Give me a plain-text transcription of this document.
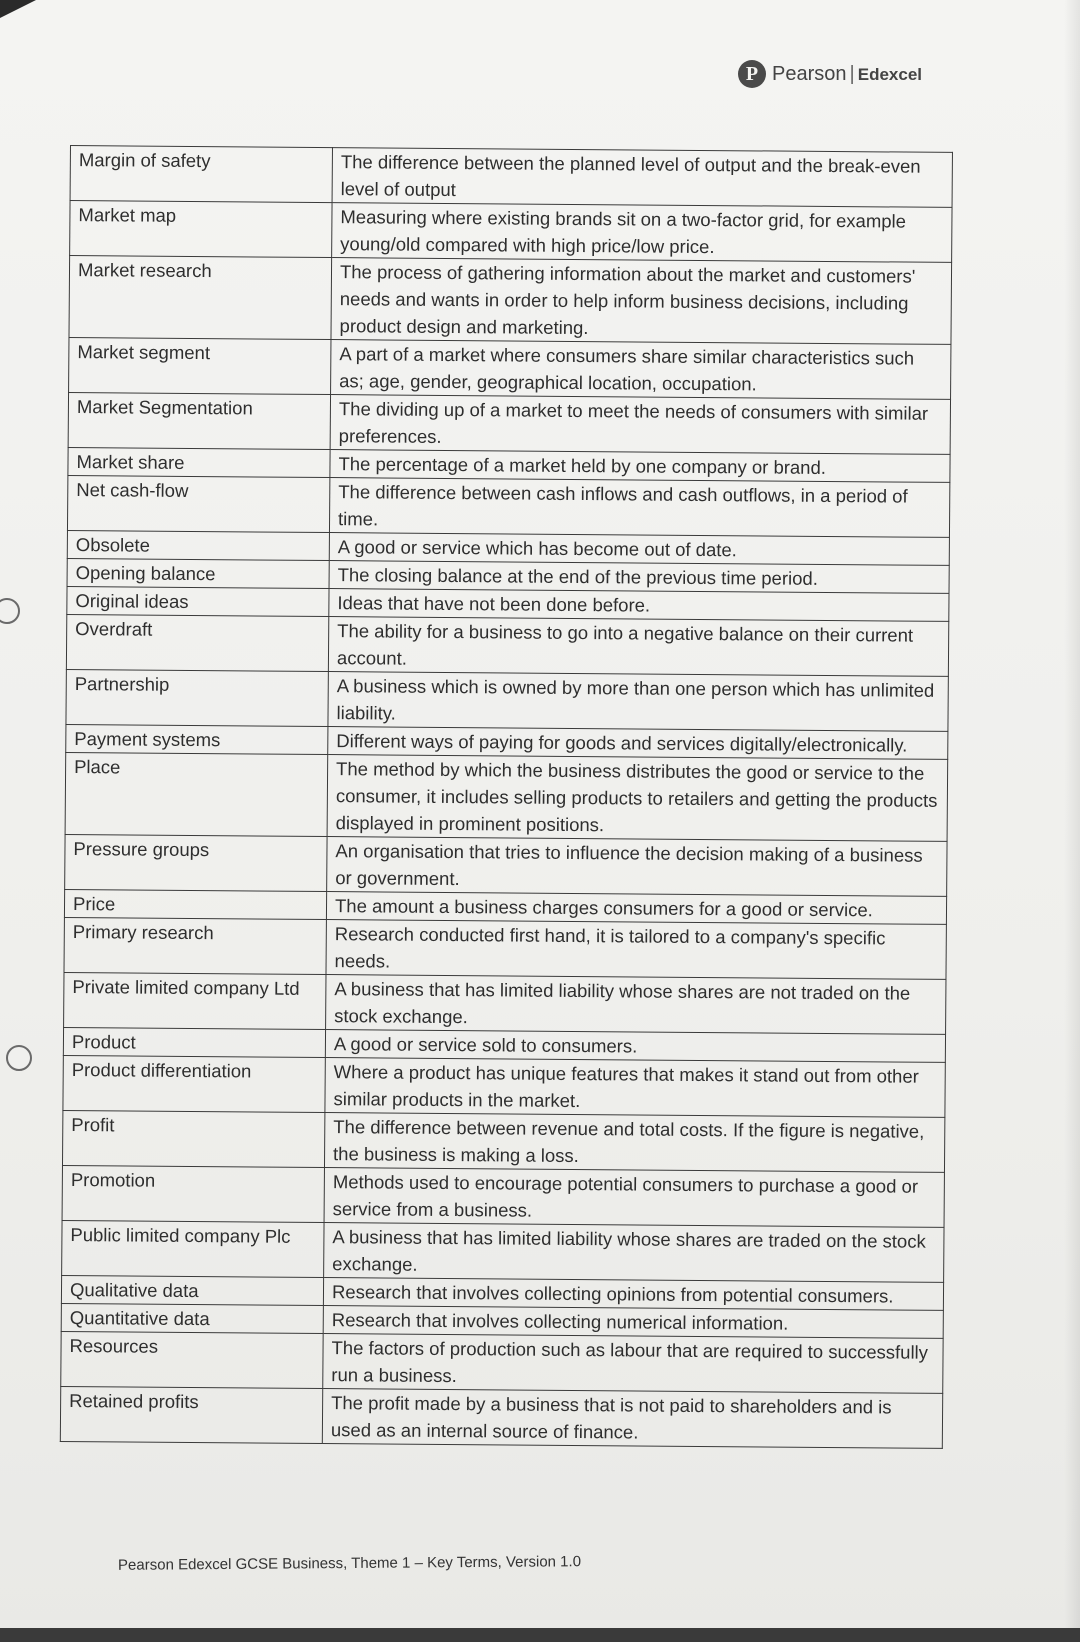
P Pearson | Edexcel
Margin of safety	The difference between the planned level of output and the break-even level of output
Market map	Measuring where existing brands sit on a two-factor grid, for example young/old compared with high price/low price.
Market research	The process of gathering information about the market and customers' needs and wants in order to help inform business decisions, including product design and marketing.
Market segment	A part of a market where consumers share similar characteristics such as; age, gender, geographical location, occupation.
Market Segmentation	The dividing up of a market to meet the needs of consumers with similar preferences.
Market share	The percentage of a market held by one company or brand.
Net cash-flow	The difference between cash inflows and cash outflows, in a period of time.
Obsolete	A good or service which has become out of date.
Opening balance	The closing balance at the end of the previous time period.
Original ideas	Ideas that have not been done before.
Overdraft	The ability for a business to go into a negative balance on their current account.
Partnership	A business which is owned by more than one person which has unlimited liability.
Payment systems	Different ways of paying for goods and services digitally/electronically.
Place	The method by which the business distributes the good or service to the consumer, it includes selling products to retailers and getting the products displayed in prominent positions.
Pressure groups	An organisation that tries to influence the decision making of a business or government.
Price	The amount a business charges consumers for a good or service.
Primary research	Research conducted first hand, it is tailored to a company's specific needs.
Private limited company Ltd	A business that has limited liability whose shares are not traded on the stock exchange.
Product	A good or service sold to consumers.
Product differentiation	Where a product has unique features that makes it stand out from other similar products in the market.
Profit	The difference between revenue and total costs. If the figure is negative, the business is making a loss.
Promotion	Methods used to encourage potential consumers to purchase a good or service from a business.
Public limited company Plc	A business that has limited liability whose shares are traded on the stock exchange.
Qualitative data	Research that involves collecting opinions from potential consumers.
Quantitative data	Research that involves collecting numerical information.
Resources	The factors of production such as labour that are required to successfully run a business.
Retained profits	The profit made by a business that is not paid to shareholders and is used as an internal source of finance.
Pearson Edexcel GCSE Business, Theme 1 – Key Terms, Version 1.0
